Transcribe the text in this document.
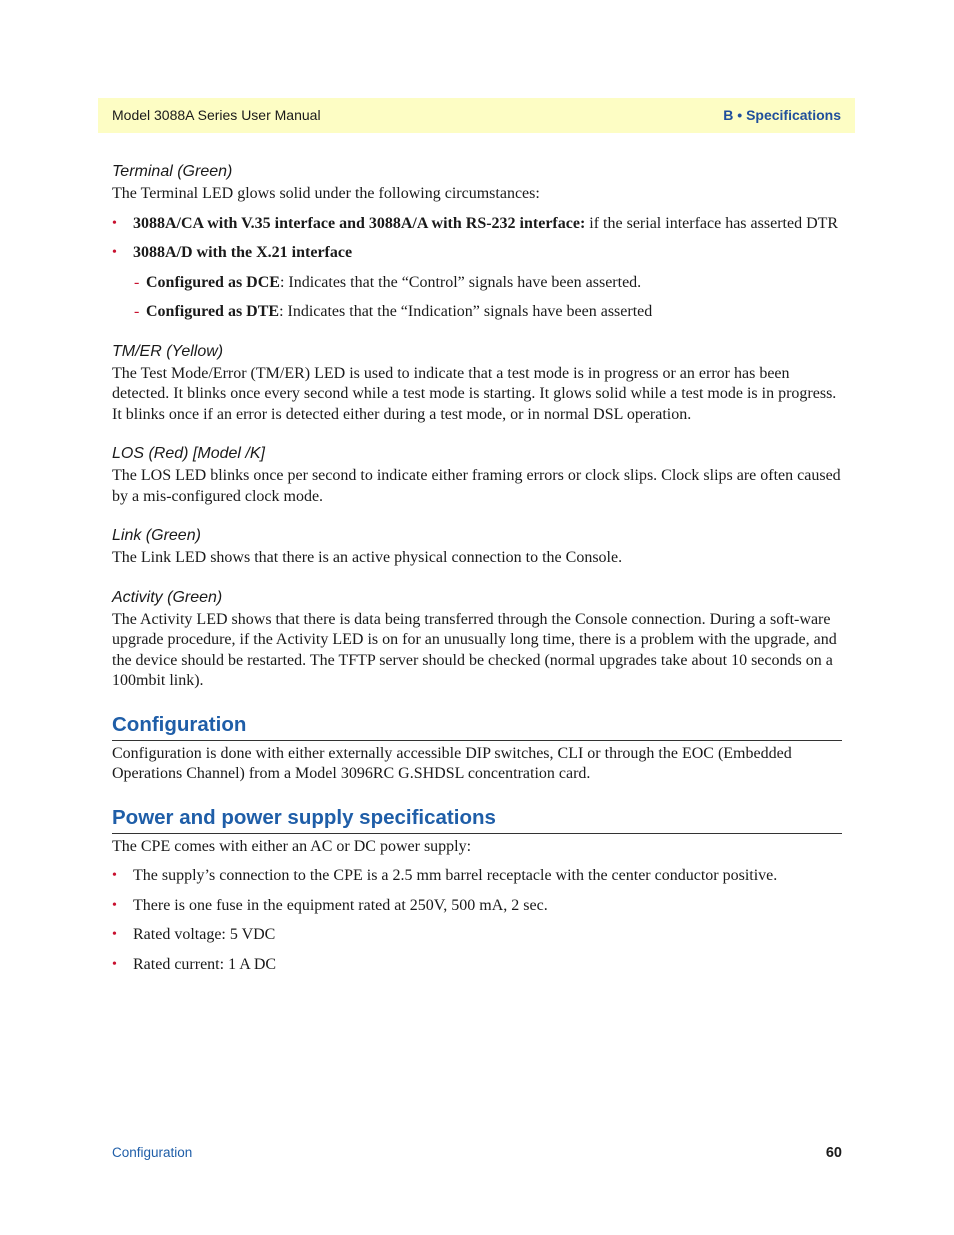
Model 3088A Series User Manual	B • Specifications

Terminal (Green)

The Terminal LED glows solid under the following circumstances:

• 3088A/CA with V.35 interface and 3088A/A with RS-232 interface: if the serial interface has asserted DTR

• 3088A/D with the X.21 interface

- Configured as DCE: Indicates that the “Control” signals have been asserted.

- Configured as DTE: Indicates that the “Indication” signals have been asserted

TM/ER (Yellow)

The Test Mode/Error (TM/ER) LED is used to indicate that a test mode is in progress or an error has been detected. It blinks once every second while a test mode is starting. It glows solid while a test mode is in progress. It blinks once if an error is detected either during a test mode, or in normal DSL operation.

LOS (Red) [Model /K]

The LOS LED blinks once per second to indicate either framing errors or clock slips. Clock slips are often caused by a mis-configured clock mode.

Link (Green)

The Link LED shows that there is an active physical connection to the Console.

Activity (Green)

The Activity LED shows that there is data being transferred through the Console connection. During a soft-ware upgrade procedure, if the Activity LED is on for an unusually long time, there is a problem with the upgrade, and the device should be restarted. The TFTP server should be checked (normal upgrades take about 10 seconds on a 100mbit link).

Configuration

Configuration is done with either externally accessible DIP switches, CLI or through the EOC (Embedded Operations Channel) from a Model 3096RC G.SHDSL concentration card.

Power and power supply specifications

The CPE comes with either an AC or DC power supply:

• The supply’s connection to the CPE is a 2.5 mm barrel receptacle with the center conductor positive.

• There is one fuse in the equipment rated at 250V, 500 mA, 2 sec.

• Rated voltage: 5 VDC

• Rated current: 1 A DC

Configuration	60
